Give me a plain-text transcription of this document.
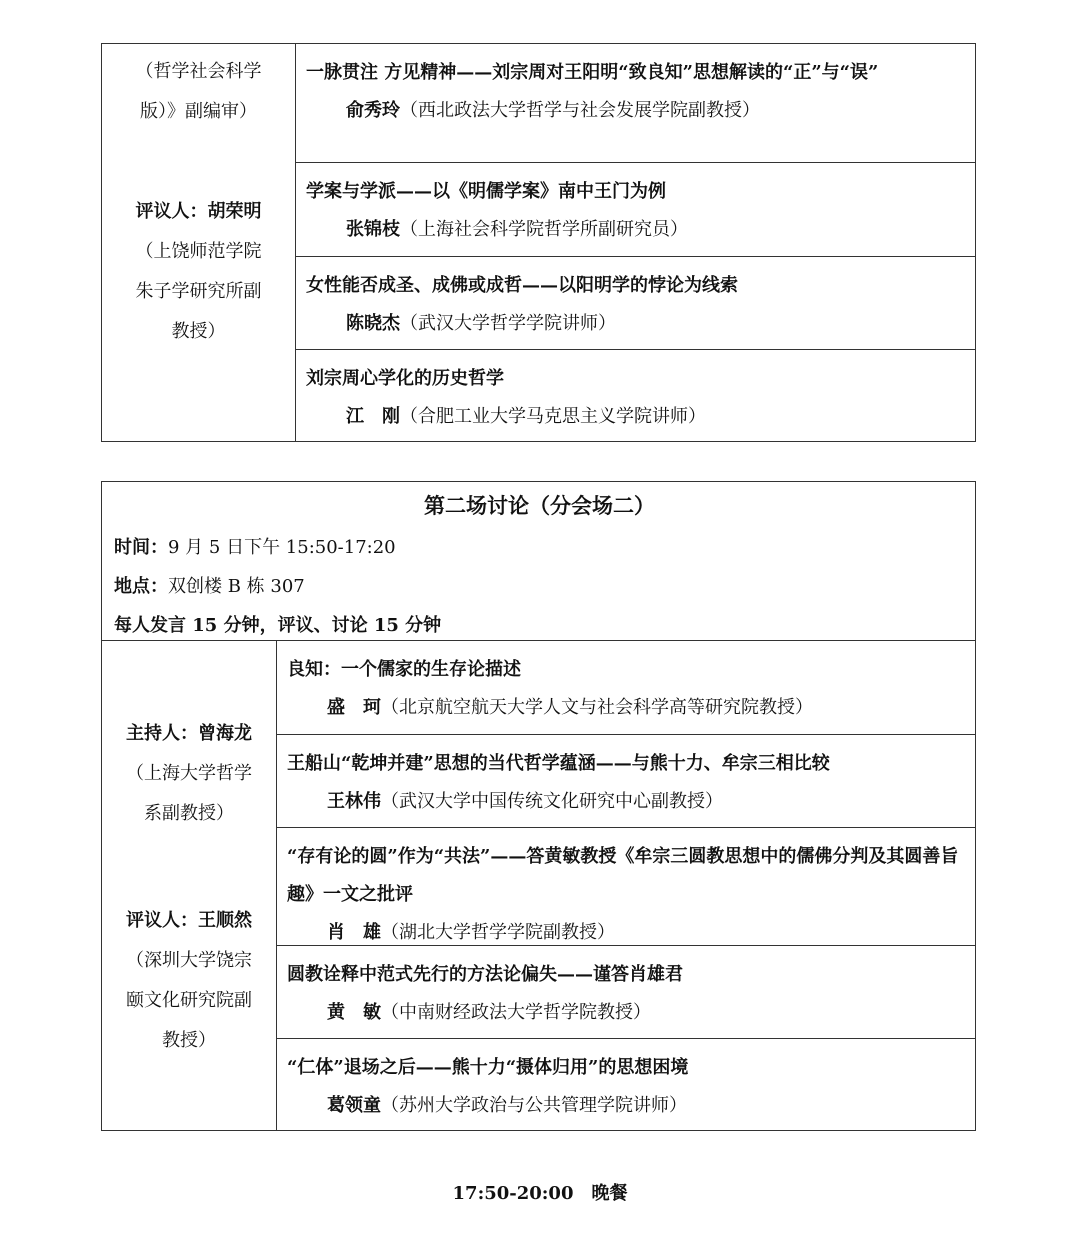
（哲学社会科学
版）》副编审）
评议人：胡荣明
（上饶师范学院
朱子学研究所副
教授）
一脉贯注 方见精神——刘宗周对王阳明“致良知”思想解读的“正”与“误”
俞秀玲（西北政法大学哲学与社会发展学院副教授）
学案与学派——以《明儒学案》南中王门为例
张锦枝（上海社会科学院哲学所副研究员）
女性能否成圣、成佛或成哲——以阳明学的悖论为线索
陈晓杰（武汉大学哲学学院讲师）
刘宗周心学化的历史哲学
江　刚（合肥工业大学马克思主义学院讲师）
第二场讨论（分会场二）
时间：9 月 5 日下午 15:50-17:20
地点：双创楼 B 栋 307
每人发言 15 分钟，评议、讨论 15 分钟
主持人：曾海龙
（上海大学哲学
系副教授）
评议人：王顺然
（深圳大学饶宗
颐文化研究院副
教授）
良知：一个儒家的生存论描述
盛　珂（北京航空航天大学人文与社会科学高等研究院教授）
王船山“乾坤并建”思想的当代哲学蕴涵——与熊十力、牟宗三相比较
王林伟（武汉大学中国传统文化研究中心副教授）
“存有论的圆”作为“共法”——答黄敏教授《牟宗三圆教思想中的儒佛分判及其圆善旨趣》一文之批评
肖　雄（湖北大学哲学学院副教授）
圆教诠释中范式先行的方法论偏失——谨答肖雄君
黄　敏（中南财经政法大学哲学院教授）
“仁体”退场之后——熊十力“摄体归用”的思想困境
葛领童（苏州大学政治与公共管理学院讲师）
17:50-20:00　晚餐
